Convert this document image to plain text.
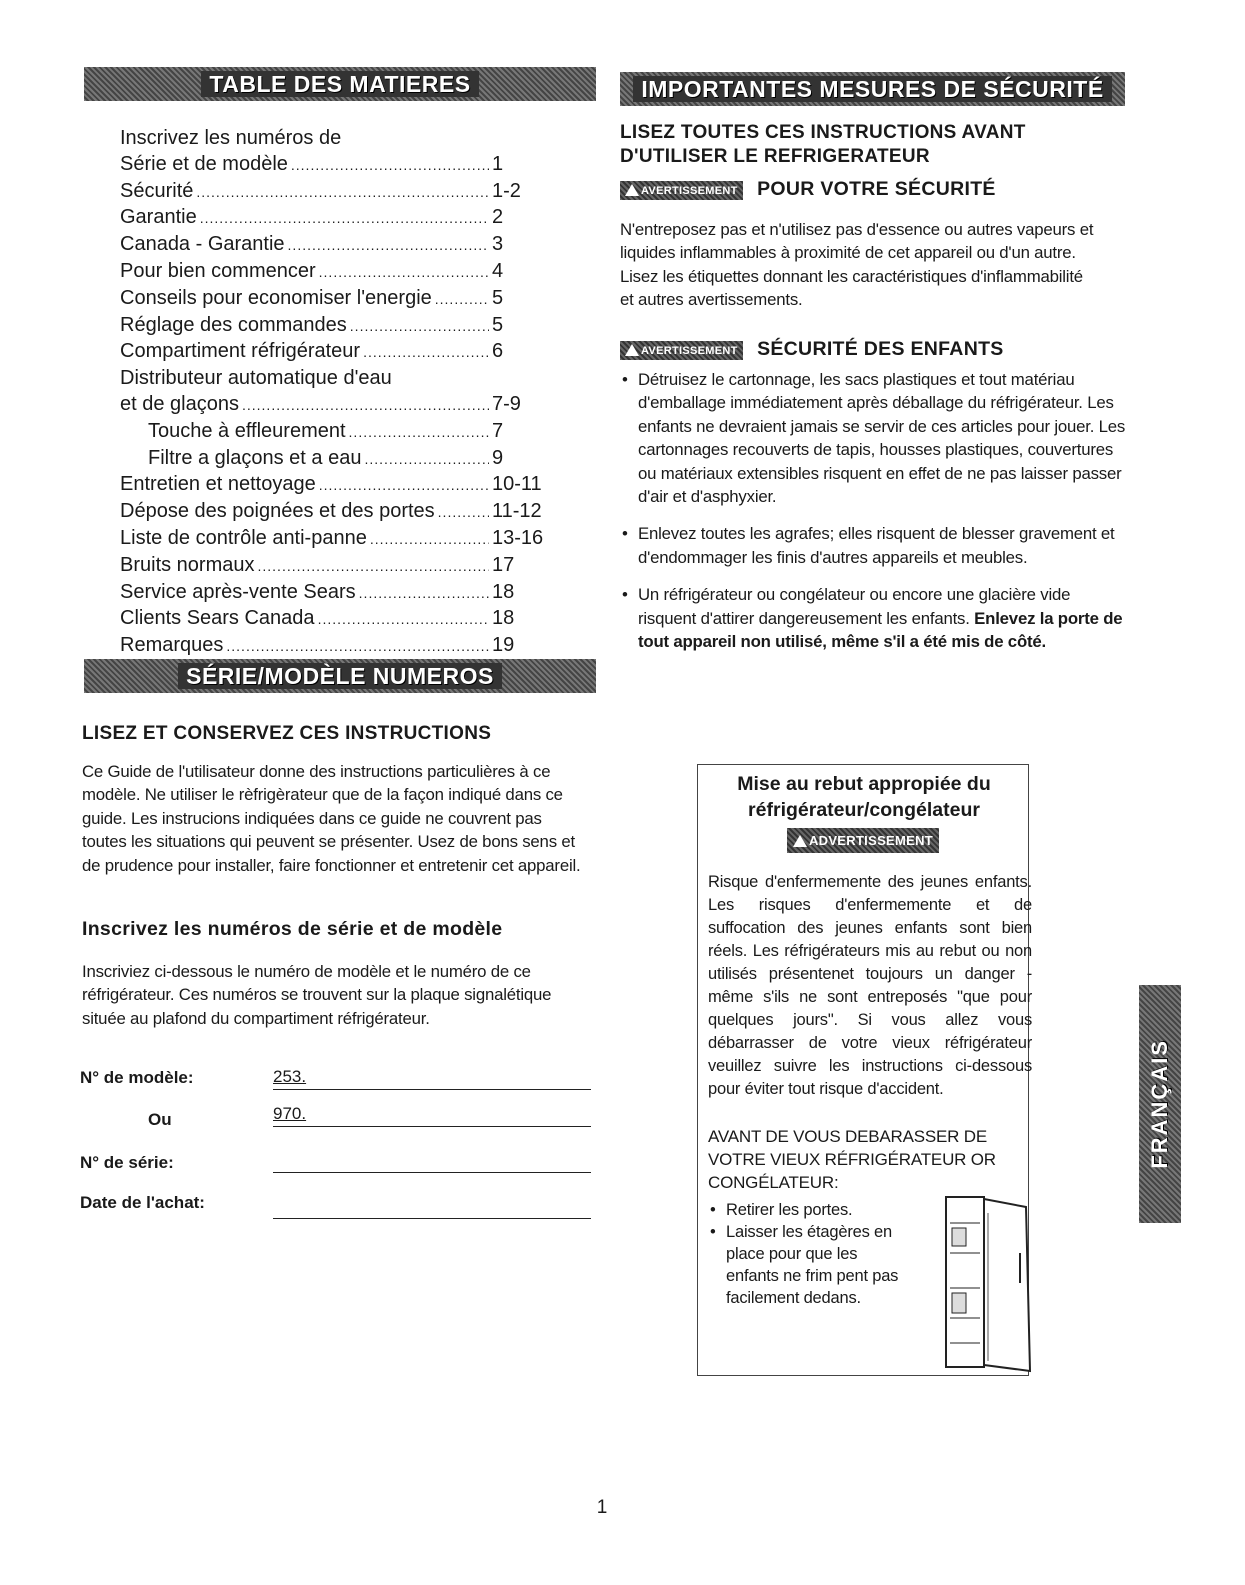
TABLE DES MATIERES
Inscrivez les numéros de
Série et de modèle .....	1
Sécurité .....	1-2
Garantie .....	2
Canada - Garantie .....	3
Pour bien commencer .....	4
Conseils pour economiser l'energie .....	5
Réglage des commandes .....	5
Compartiment réfrigérateur .....	6
Distributeur automatique d'eau
et de glaçons .....	7-9
Touche à effleurement .....	7
Filtre a glaçons et a eau .....	9
Entretien et nettoyage .....	10-11
Dépose des poignées et des portes .....	11-12
Liste de contrôle anti-panne .....	13-16
Bruits normaux .....	17
Service après-vente Sears .....	18
Clients Sears Canada .....	18
Remarques .....	19
SÉRIE/MODÈLE NUMEROS
LISEZ ET CONSERVEZ CES INSTRUCTIONS
Ce Guide de l'utilisateur donne des instructions particulières à ce modèle. Ne utiliser le rèfrigèrateur que de la façon indiqué dans ce guide. Les instrucions indiquées dans ce guide ne couvrent pas toutes les situations qui peuvent se présenter. Usez de bons sens et de prudence pour installer, faire fonctionner et entretenir cet appareil.
Inscrivez les numéros de série et de modèle
Inscriviez ci-dessous le numéro de modèle et le numéro de ce réfrigérateur. Ces numéros se trouvent sur la plaque signalétique située au plafond du compartiment réfrigérateur.
N° de modèle:	253.
Ou	970.
N° de série:
Date de l'achat:
IMPORTANTES MESURES DE SÉCURITÉ
LISEZ TOUTES CES INSTRUCTIONS AVANT D'UTILISER LE REFRIGERATEUR
AVERTISSEMENT POUR VOTRE SÉCURITÉ
N'entreposez pas et n'utilisez pas d'essence ou autres vapeurs et liquides inflammables à proximité de cet appareil ou d'un autre. Lisez les étiquettes donnant les caractéristiques d'inflammabilité et autres avertissements.
AVERTISSEMENT SÉCURITÉ DES ENFANTS
• Détruisez le cartonnage, les sacs plastiques et tout matériau d'emballage immédiatement après déballage du réfrigérateur. Les enfants ne devraient jamais se servir de ces articles pour jouer. Les cartonnages recouverts de tapis, housses plastiques, couvertures ou matériaux extensibles risquent en effet de ne pas laisser passer d'air et d'asphyxier.
• Enlevez toutes les agrafes; elles risquent de blesser gravement et d'endommager les finis d'autres appareils et meubles.
• Un réfrigérateur ou congélateur ou encore une glacière vide risquent d'attirer dangereusement les enfants. Enlevez la porte de tout appareil non utilisé, même s'il a été mis de côté.
Mise au rebut appropiée du réfrigérateur/congélateur
ADVERTISSEMENT
Risque d'enfermemente des jeunes enfants. Les risques d'enfermemente et de suffocation des jeunes enfants sont bien réels. Les réfrigérateurs mis au rebut ou non utilisés présentenet toujours un danger - même s'ils ne sont entreposés "que pour quelques jours". Si vous allez vous débarrasser de votre vieux réfrigérateur veuillez suivre les instructions ci-dessous pour éviter tout risque d'accident.
AVANT DE VOUS DEBARASSER DE VOTRE VIEUX RÉFRIGÉRATEUR OR CONGÉLATEUR:
• Retirer les portes.
• Laisser les étagères en place pour que les enfants ne frim pent pas facilement dedans.
FRANÇAIS
1
